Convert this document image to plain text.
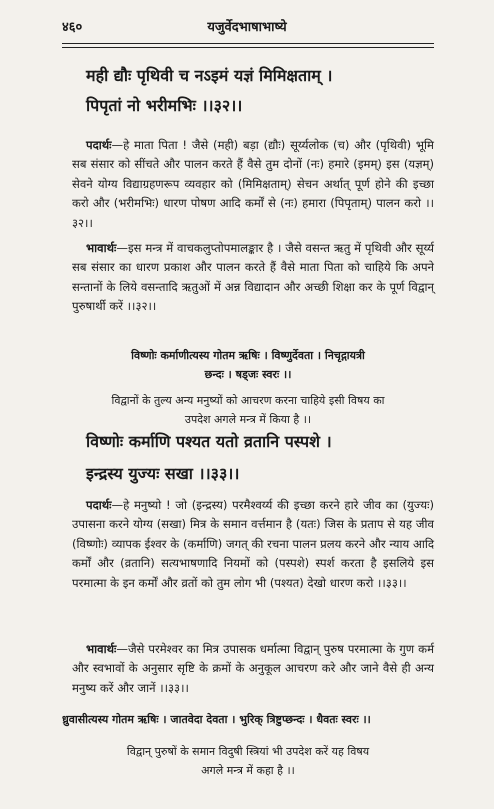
४६०	यजुर्वेदभाषाभाष्ये
मही द्यौः पृथिवी च नऽइमं यज्ञं मिमिक्षताम् ।
पिपृतां नो भरीमभिः ।।३२।।
पदार्थः—हे माता पिता ! जैसे (मही) बड़ा (द्यौः) सूर्य्यलोक (च) और (पृथिवी) भूमि सब संसार को सींचते और पालन करते हैं वैसे तुम दोनों (नः) हमारे (इमम्) इस (यज्ञम्) सेवने योग्य विद्याग्रहणरूप व्यवहार को (मिमिक्षताम्) सेचन अर्थात् पूर्ण होने की इच्छा करो और (भरीमभिः) धारण पोषण आदि कर्मों से (नः) हमारा (पिपृताम्) पालन करो ।।३२।।
भावार्थः—इस मन्त्र में वाचकलुप्तोपमालङ्कार है । जैसे वसन्त ऋतु में पृथिवी और सूर्य्य सब संसार का धारण प्रकाश और पालन करते हैं वैसे माता पिता को चाहिये कि अपने सन्तानों के लिये वसन्तादि ऋतुओं में अन्न विद्यादान और अच्छी शिक्षा कर के पूर्ण विद्वान् पुरुषार्थी करें ।।३२।।
विष्णोः कर्माणीत्यस्य गोतम ऋषिः । विष्णुर्देवता । निचृद्गायत्री
छन्दः । षड्जः स्वरः ।।
विद्वानों के तुल्य अन्य मनुष्यों को आचरण करना चाहिये इसी विषय का
उपदेश अगले मन्त्र में किया है ।।
विष्णोः कर्माणि पश्यत यतो व्रतानि पस्पशे ।
इन्द्रस्य युज्यः सखा ।।३३।।
पदार्थः—हे मनुष्यो ! जो (इन्द्रस्य) परमैश्वर्य्य की इच्छा करने हारे जीव का (युज्यः) उपासना करने योग्य (सखा) मित्र के समान वर्त्तमान है (यतः) जिस के प्रताप से यह जीव (विष्णोः) व्यापक ईश्वर के (कर्माणि) जगत् की रचना पालन प्रलय करने और न्याय आदि कर्मों और (व्रतानि) सत्यभाषणादि नियमों को (पस्पशे) स्पर्श करता है इसलिये इस परमात्मा के इन कर्मों और व्रतों को तुम लोग भी (पश्यत) देखो धारण करो ।।३३।।
भावार्थः—जैसे परमेश्वर का मित्र उपासक धर्मात्मा विद्वान् पुरुष परमात्मा के गुण कर्म और स्वभावों के अनुसार सृष्टि के क्रमों के अनुकूल आचरण करे और जाने वैसे ही अन्य मनुष्य करें और जानें ।।३३।।
ध्रुवासीत्यस्य गोतम ऋषिः । जातवेदा देवता । भुरिक् त्रिष्टुप्छन्दः । धैवतः स्वरः ।।
विद्वान् पुरुषों के समान विदुषी स्त्रियां भी उपदेश करें यह विषय
अगले मन्त्र में कहा है ।।
